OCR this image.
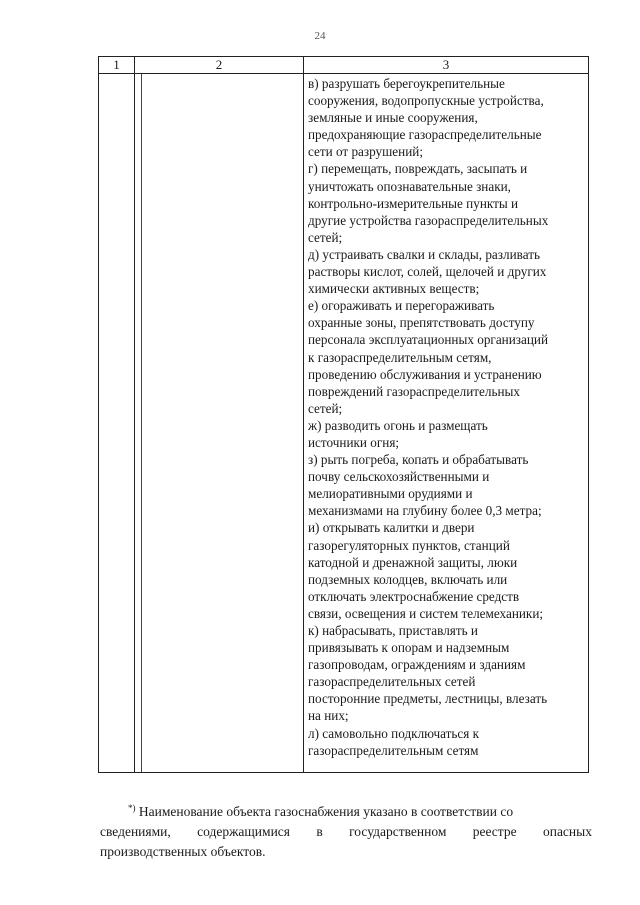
24
1	2	3
в) разрушать берегоукрепительные
сооружения, водопропускные устройства,
земляные и иные сооружения,
предохраняющие газораспределительные
сети от разрушений;
г) перемещать, повреждать, засыпать и
уничтожать опознавательные знаки,
контрольно-измерительные пункты и
другие устройства газораспределительных
сетей;
д) устраивать свалки и склады, разливать
растворы кислот, солей, щелочей и других
химически активных веществ;
е) огораживать и перегораживать
охранные зоны, препятствовать доступу
персонала эксплуатационных организаций
к газораспределительным сетям,
проведению обслуживания и устранению
повреждений газораспределительных
сетей;
ж) разводить огонь и размещать
источники огня;
з) рыть погреба, копать и обрабатывать
почву сельскохозяйственными и
мелиоративными орудиями и
механизмами на глубину более 0,3 метра;
и) открывать калитки и двери
газорегуляторных пунктов, станций
катодной и дренажной защиты, люки
подземных колодцев, включать или
отключать электроснабжение средств
связи, освещения и систем телемеханики;
к) набрасывать, приставлять и
привязывать к опорам и надземным
газопроводам, ограждениям и зданиям
газораспределительных сетей
посторонние предметы, лестницы, влезать
на них;
л) самовольно подключаться к
газораспределительным сетям
*) Наименование объекта газоснабжения указано в соответствии со
сведениями, содержащимися в государственном реестре опасных
производственных объектов.
